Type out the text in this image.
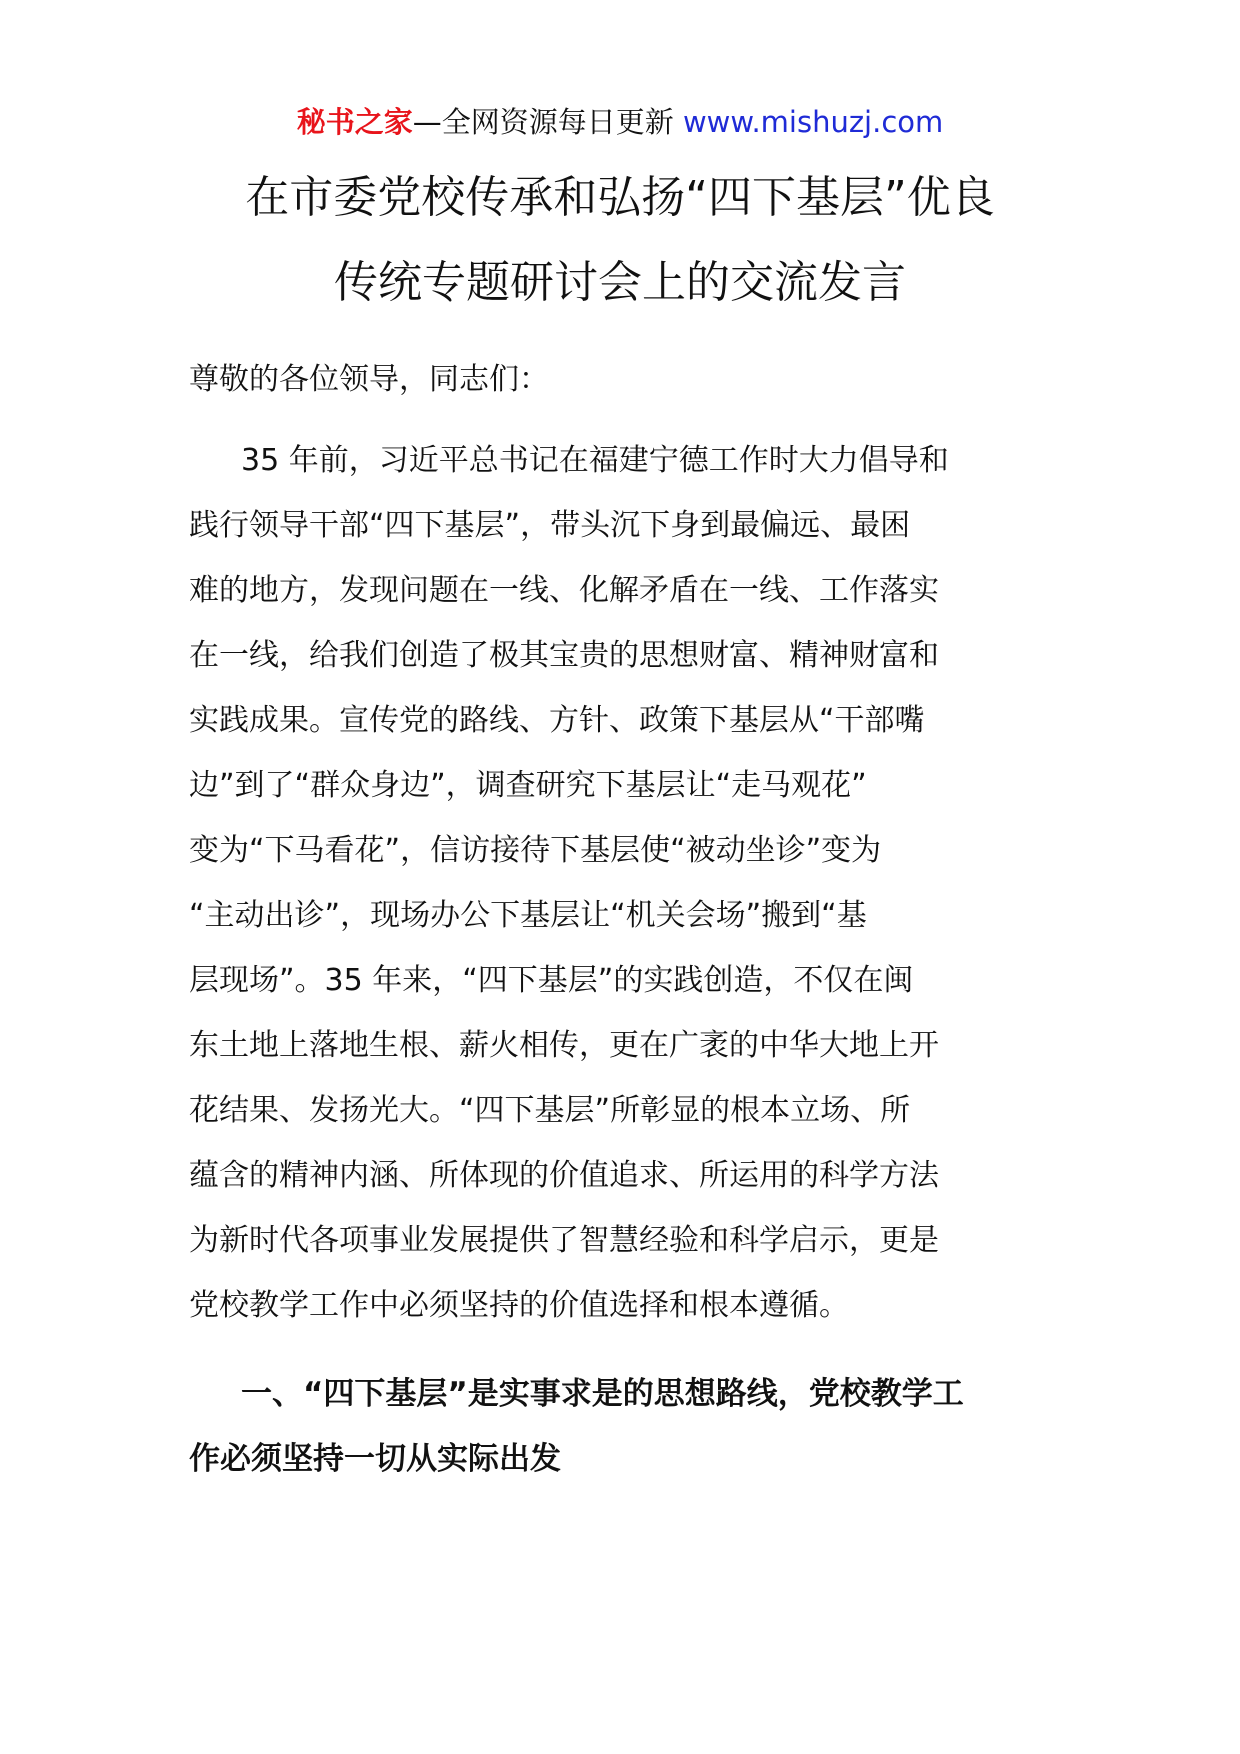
秘书之家—全网资源每日更新 www.mishuzj.com
在市委党校传承和弘扬“四下基层”优良
传统专题研讨会上的交流发言
尊敬的各位领导，同志们：
35 年前，习近平总书记在福建宁德工作时大力倡导和
践行领导干部“四下基层”，带头沉下身到最偏远、最困
难的地方，发现问题在一线、化解矛盾在一线、工作落实
在一线，给我们创造了极其宝贵的思想财富、精神财富和
实践成果。宣传党的路线、方针、政策下基层从“干部嘴
边”到了“群众身边”，调查研究下基层让“走马观花”
变为“下马看花”，信访接待下基层使“被动坐诊”变为
“主动出诊”，现场办公下基层让“机关会场”搬到“基
层现场”。35 年来，“四下基层”的实践创造，不仅在闽
东土地上落地生根、薪火相传，更在广袤的中华大地上开
花结果、发扬光大。“四下基层”所彰显的根本立场、所
蕴含的精神内涵、所体现的价值追求、所运用的科学方法
为新时代各项事业发展提供了智慧经验和科学启示，更是
党校教学工作中必须坚持的价值选择和根本遵循。
一、“四下基层”是实事求是的思想路线，党校教学工
作必须坚持一切从实际出发
